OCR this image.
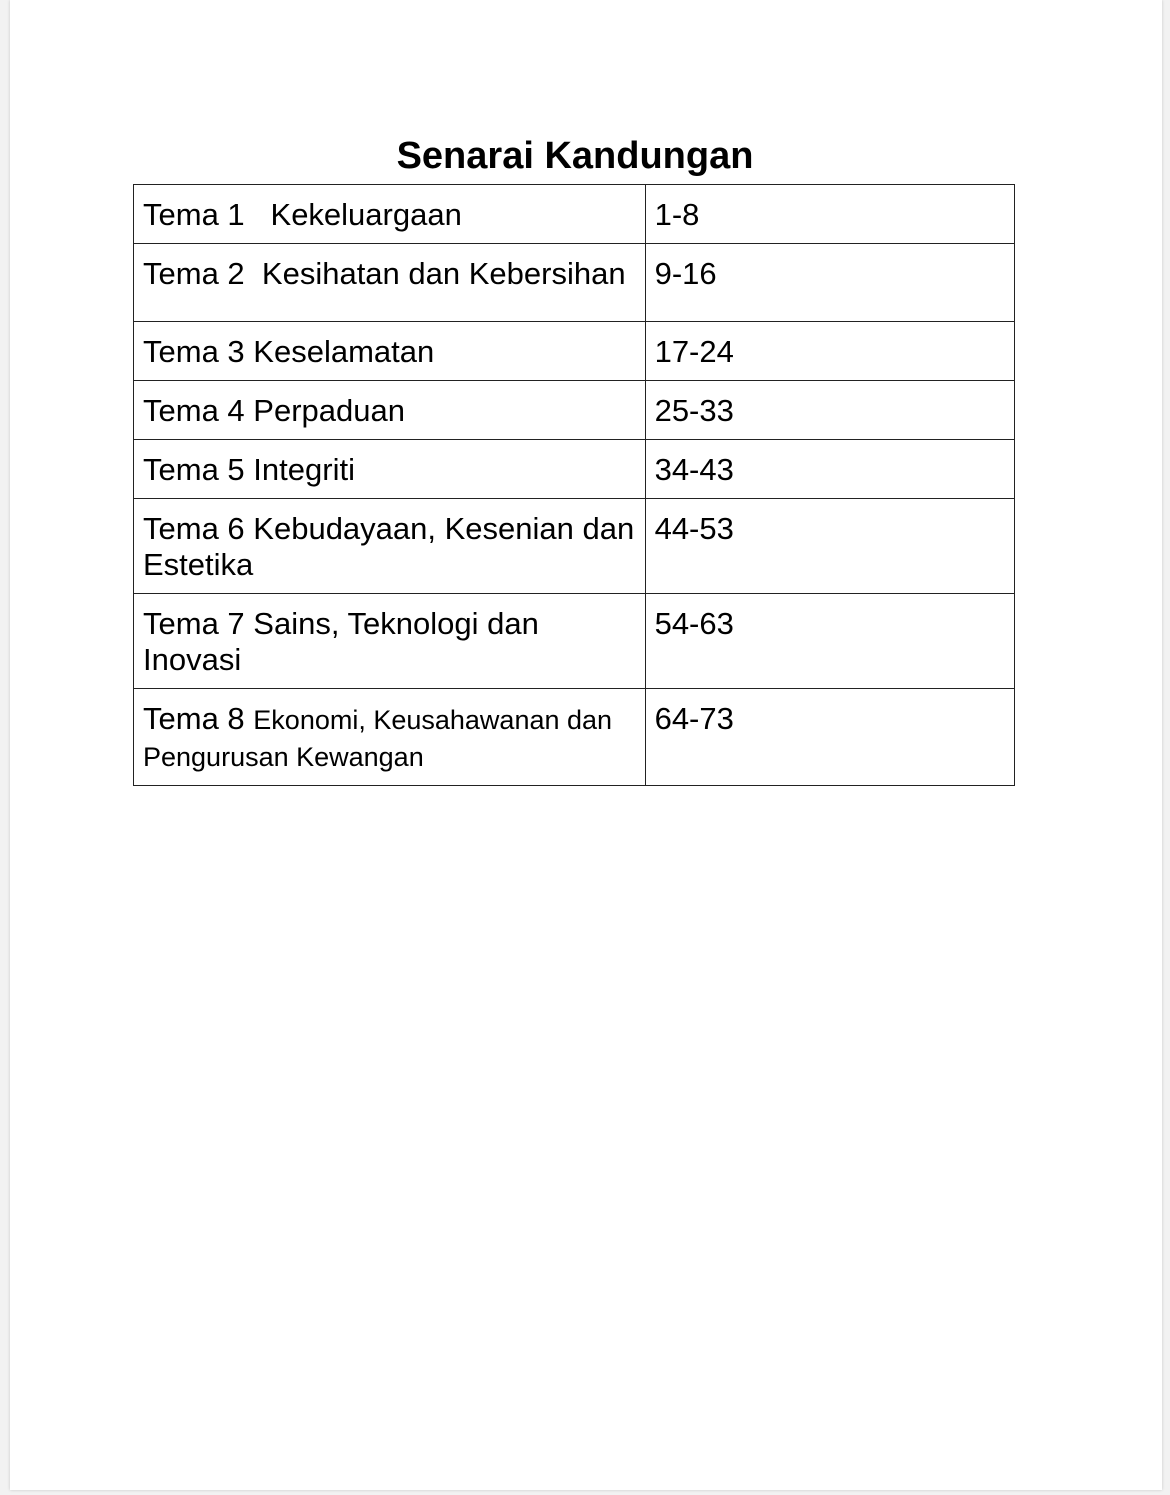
Senarai Kandungan
Tema 1 Kekeluargaan	1-8
Tema 2 Kesihatan dan Kebersihan	9-16
Tema 3 Keselamatan	17-24
Tema 4 Perpaduan	25-33
Tema 5 Integriti	34-43
Tema 6 Kebudayaan, Kesenian dan Estetika	44-53
Tema 7 Sains, Teknologi dan Inovasi	54-63
Tema 8 Ekonomi, Keusahawanan dan Pengurusan Kewangan	64-73
